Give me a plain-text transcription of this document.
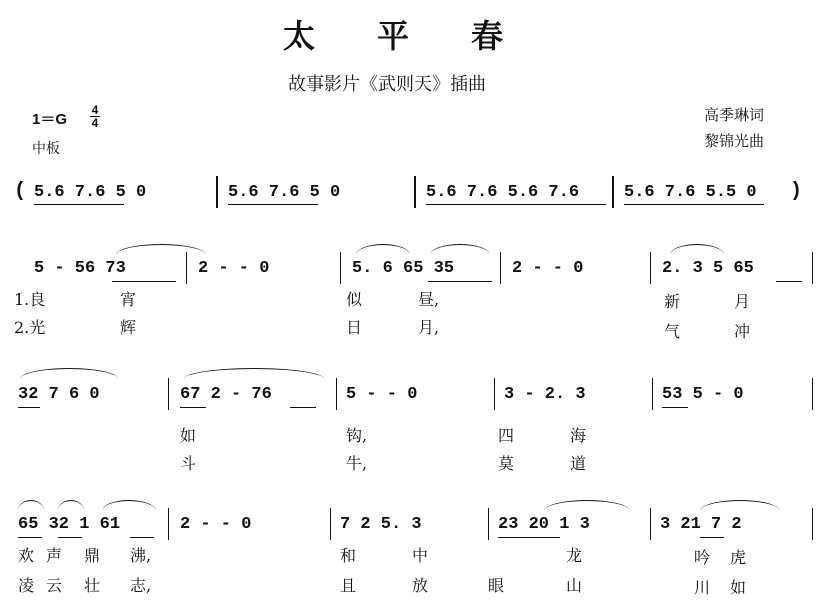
太平春
故事影片《武则天》插曲
高季琳词
黎锦光曲
1＝G
4
4
中板
( 5.6 7.6 5 0	5.6 7.6 5 0	5.6 7.6 5.6 7.6	5.6 7.6 5.5 0 )
5 - 56 73	2 - - 0	5. 6 65 35	2 - - 0	2. 3 5 65
1.良	宵	似	昼,	新	月
2.光	辉	日	月,	气	冲
32 7 6 0	67 2 - 76	5 - - 0	3 - 2. 3	53 5 - 0
如	钩,	四	海
斗	牛,	莫	道
65 32 1 61	2 - - 0	7 2 5. 3	23 20 1 3	3 21 7 2
欢 声 鼎 沸,	和	中	龙	吟 虎
凌 云 壮 志,	且	放	眼	山	川 如
